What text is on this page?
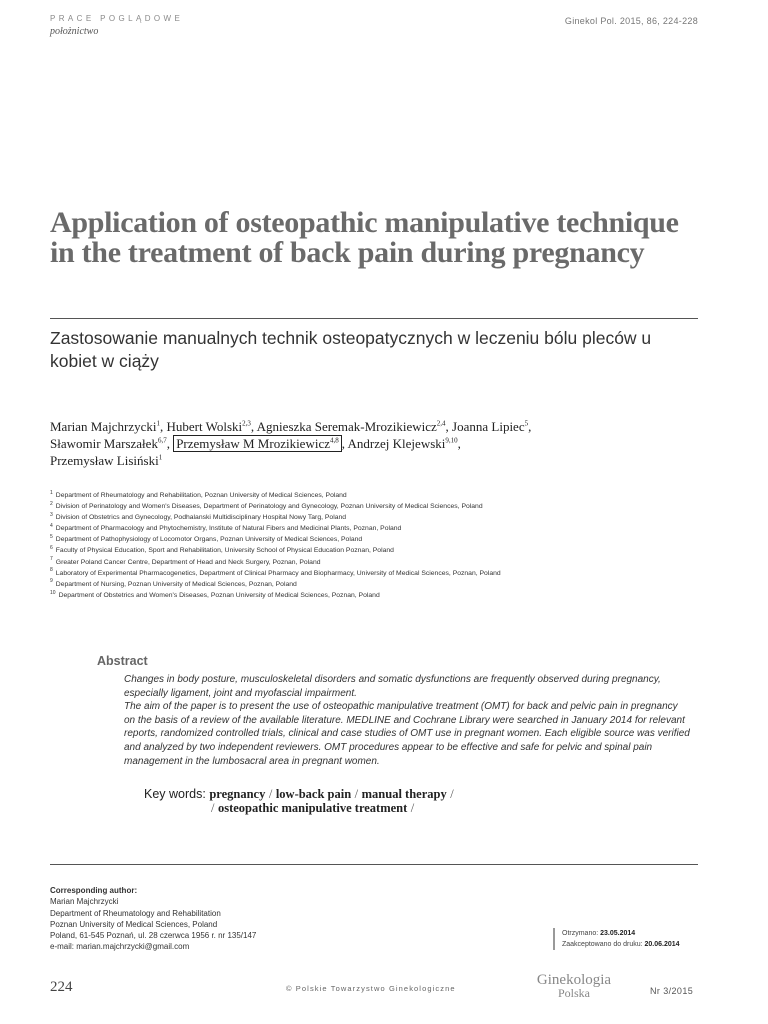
PRACE POGLĄDOWE
położnictwo
Ginekol Pol. 2015, 86, 224-228
Application of osteopathic manipulative technique in the treatment of back pain during pregnancy
Zastosowanie manualnych technik osteopatycznych w leczeniu bólu pleców u kobiet w ciąży
Marian Majchrzycki$^1$, Hubert Wolski$^{2,3}$, Agnieszka Seremak-Mrozikiewicz$^{2,4}$, Joanna Lipiec$^5$,
Sławomir Marszałek$^{6,7}$, Przemysław M Mrozikiewicz$^{4,8}$ , Andrzej Klejewski$^{9,10}$,
Przemysław Lisiński$^1$
$^1$ Department of Rheumatology and Rehabilitation, Poznan University of Medical Sciences, Poland
$^2$ Division of Perinatology and Women's Diseases, Department of Perinatology and Gynecology, Poznan University of Medical Sciences, Poland
$^3$ Division of Obstetrics and Gynecology, Podhalanski Multidisciplinary Hospital Nowy Targ, Poland
$^4$ Department of Pharmacology and Phytochemistry, Institute of Natural Fibers and Medicinal Plants, Poznan, Poland
$^5$ Department of Pathophysiology of Locomotor Organs, Poznan University of Medical Sciences, Poland
$^6$ Faculty of Physical Education, Sport and Rehabilitation, University School of Physical Education Poznan, Poland
$^7$ Greater Poland Cancer Centre, Department of Head and Neck Surgery, Poznan, Poland
$^8$ Laboratory of Experimental Pharmacogenetics, Department of Clinical Pharmacy and Biopharmacy, University of Medical Sciences, Poznan, Poland
$^9$ Department of Nursing, Poznan University of Medical Sciences, Poznan, Poland
$^{10}$ Department of Obstetrics and Women's Diseases, Poznan University of Medical Sciences, Poznan, Poland
Abstract

Changes in body posture, musculoskeletal disorders and somatic dysfunctions are frequently observed during pregnancy, especially ligament, joint and myofascial impairment.

The aim of the paper is to present the use of osteopathic manipulative treatment (OMT) for back and pelvic pain in pregnancy on the basis of a review of the available literature. MEDLINE and Cochrane Library were searched in January 2014 for relevant reports, randomized controlled trials, clinical and case studies of OMT use in pregnant women. Each eligible source was verified and analyzed by two independent reviewers. OMT procedures appear to be effective and safe for pelvic and spinal pain management in the lumbosacral area in pregnant women.

Key words: pregnancy / low-back pain / manual therapy /
/ osteopathic manipulative treatment /
Corresponding author:
Marian Majchrzycki
Department of Rheumatology and Rehabilitation
Poznan University of Medical Sciences, Poland
Poland, 61-545 Poznań, ul. 28 czerwca 1956 r. nr 135/147
e-mail: marian.majchrzycki@gmail.com
Otrzymano: 23.05.2014
Zaakceptowano do druku: 20.06.2014
224	© Polskie Towarzystwo Ginekologiczne
Ginekologia
Polska	Nr 3/2015
